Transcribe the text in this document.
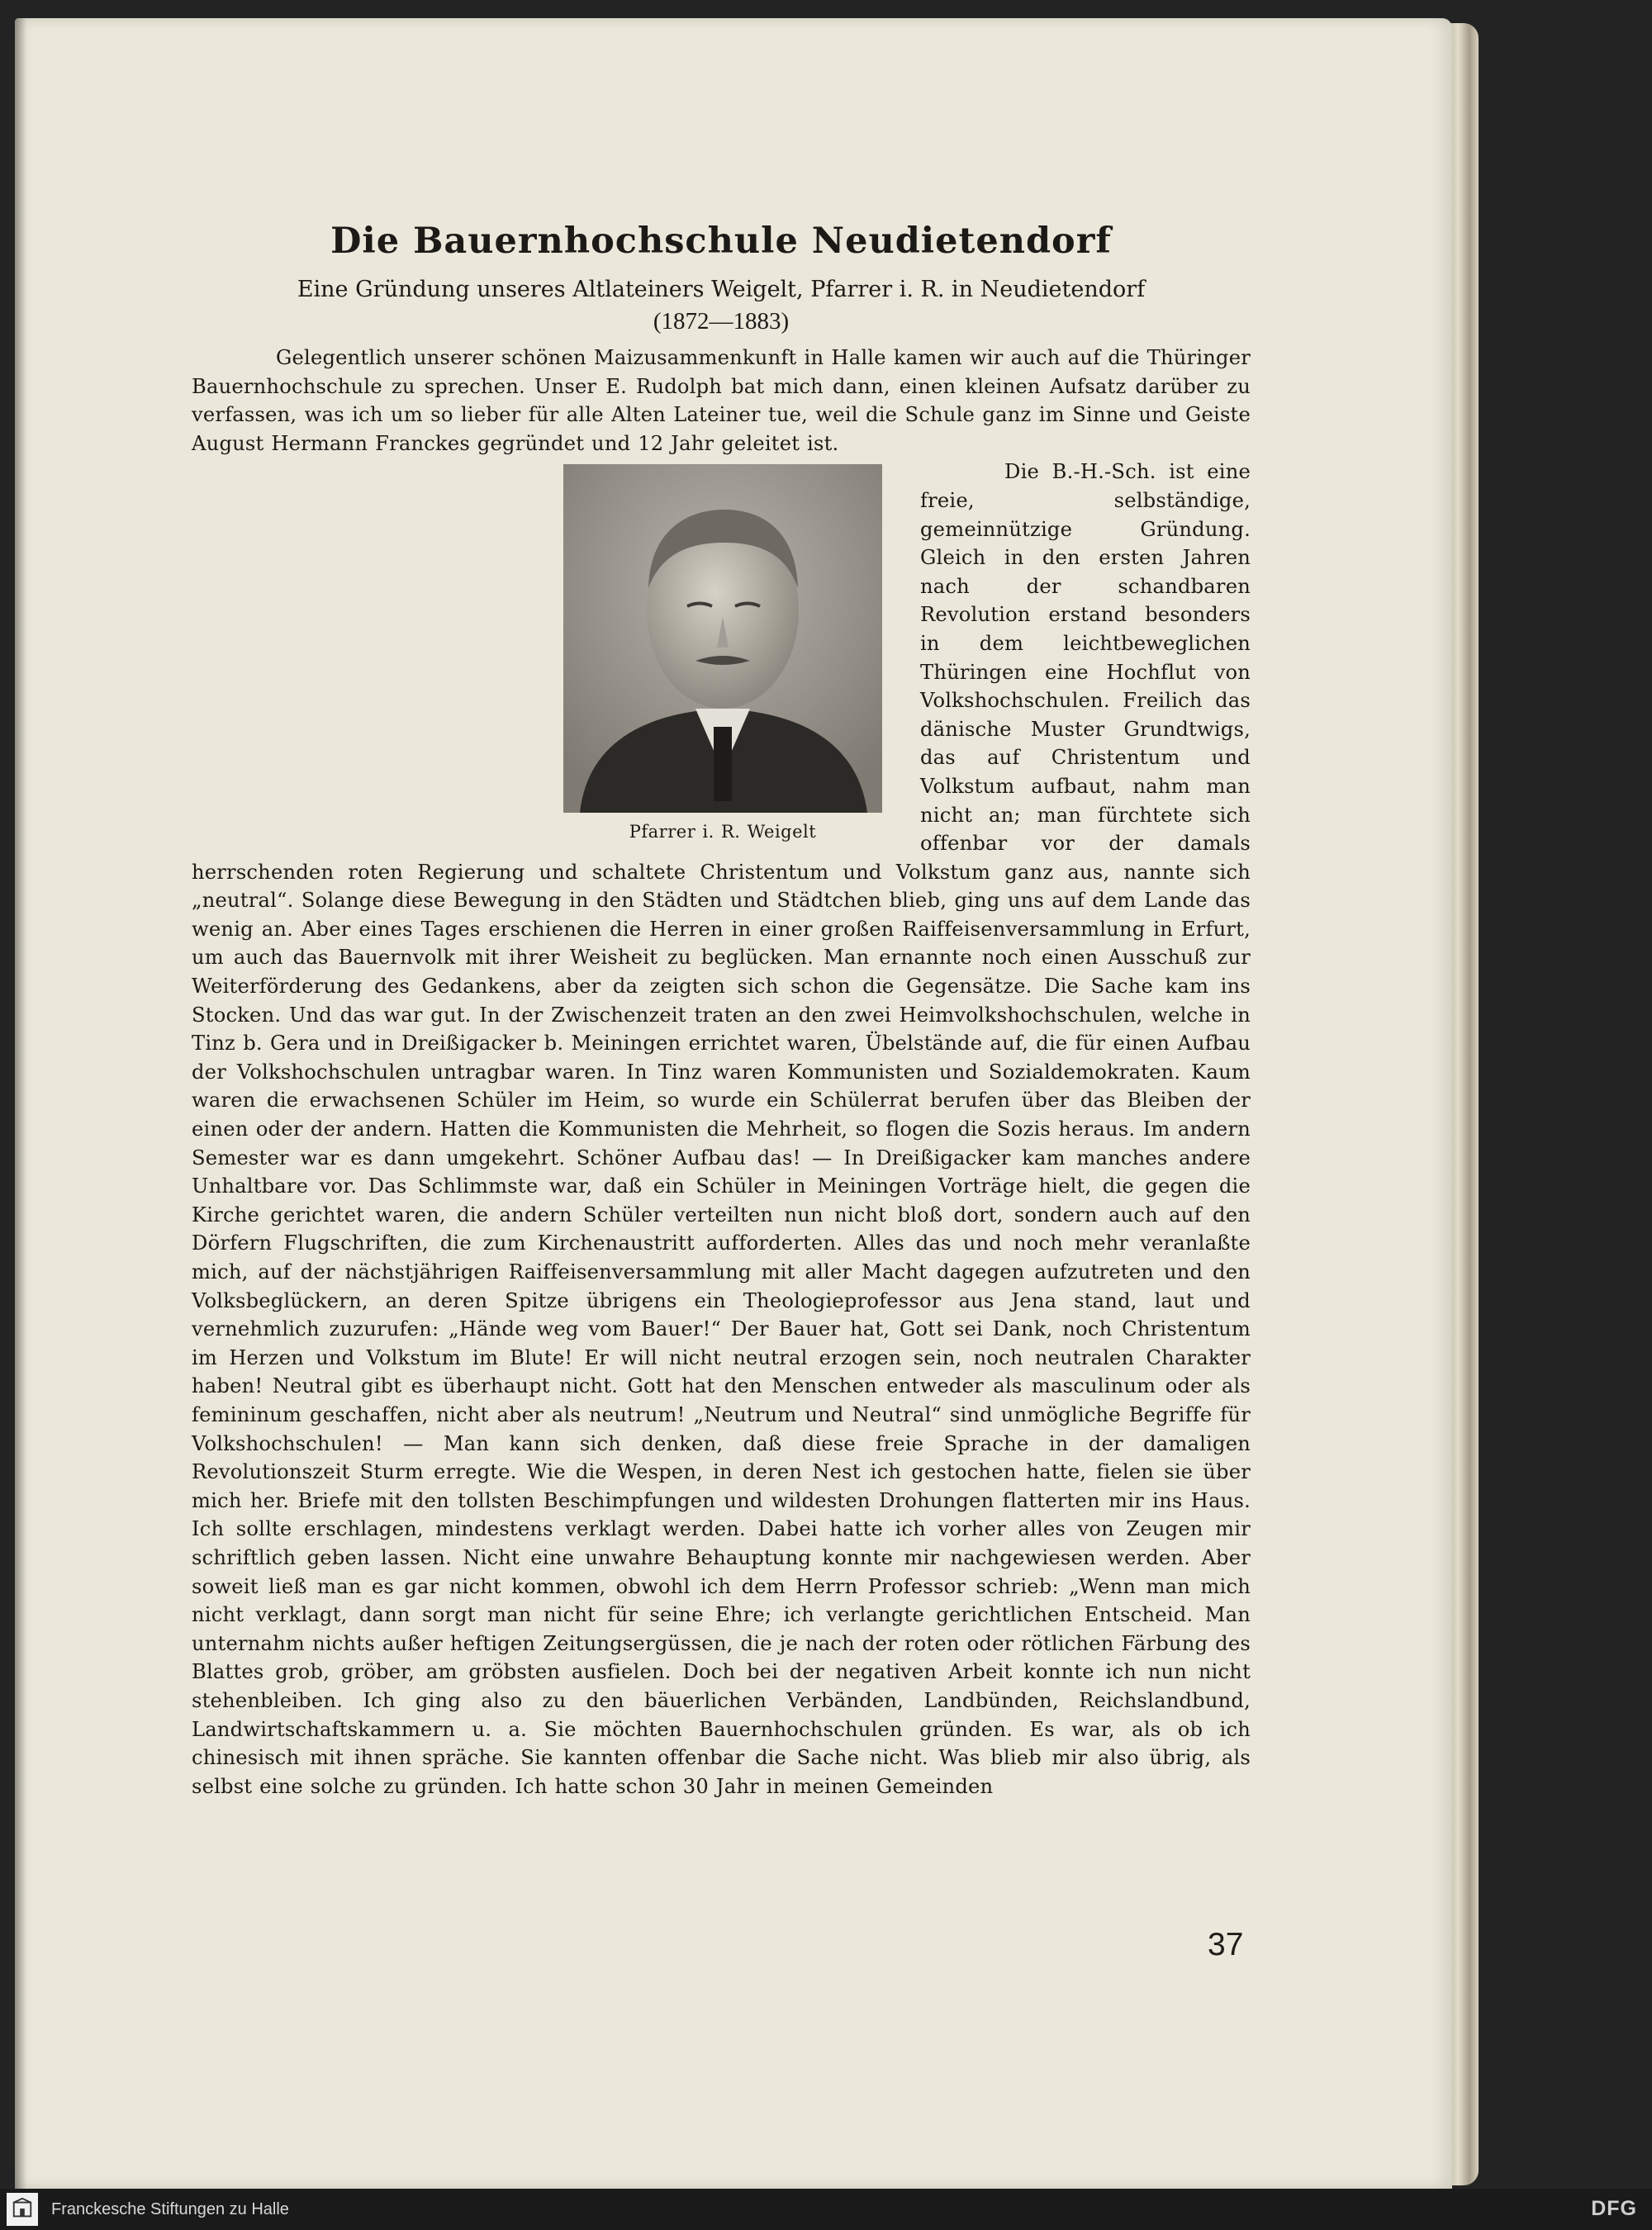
Die Bauernhochschule Neudietendorf
Eine Gründung unseres Altlateiners Weigelt, Pfarrer i. R. in Neudietendorf
(1872—1883)

Gelegentlich unserer schönen Maizusammenkunft in Halle kamen wir auch auf die Thüringer Bauernhochschule zu sprechen. Unser E. Rudolph bat mich dann, einen kleinen Aufsatz darüber zu verfassen, was ich um so lieber für alle Alten Lateiner tue, weil die Schule ganz im Sinne und Geiste August Hermann Franckes gegründet und 12 Jahr geleitet ist.

Pfarrer i. R. Weigelt

Die B.-H.-Sch. ist eine freie, selbständige, gemeinnützige Gründung. Gleich in den ersten Jahren nach der schandbaren Revolution erstand besonders in dem leichtbeweglichen Thüringen eine Hochflut von Volkshochschulen. Freilich das dänische Muster Grundtwigs, das auf Christentum und Volkstum aufbaut, nahm man nicht an; man fürchtete sich offenbar vor der damals herrschenden roten Regierung und schaltete Christentum und Volkstum ganz aus, nannte sich „neutral“. Solange diese Bewegung in den Städten und Städtchen blieb, ging uns auf dem Lande das wenig an. Aber eines Tages erschienen die Herren in einer großen Raiffeisenversammlung in Erfurt, um auch das Bauernvolk mit ihrer Weisheit zu beglücken. Man ernannte noch einen Ausschuß zur Weiterförderung des Gedankens, aber da zeigten sich schon die Gegensätze. Die Sache kam ins Stocken. Und das war gut. In der Zwischenzeit traten an den zwei Heimvolkshochschulen, welche in Tinz b. Gera und in Dreißigacker b. Meiningen errichtet waren, Übelstände auf, die für einen Aufbau der Volkshochschulen untragbar waren. In Tinz waren Kommunisten und Sozialdemokraten. Kaum waren die erwachsenen Schüler im Heim, so wurde ein Schülerrat berufen über das Bleiben der einen oder der andern. Hatten die Kommunisten die Mehrheit, so flogen die Sozis heraus. Im andern Semester war es dann umgekehrt. Schöner Aufbau das! — In Dreißigacker kam manches andere Unhaltbare vor. Das Schlimmste war, daß ein Schüler in Meiningen Vorträge hielt, die gegen die Kirche gerichtet waren, die andern Schüler verteilten nun nicht bloß dort, sondern auch auf den Dörfern Flugschriften, die zum Kirchenaustritt aufforderten. Alles das und noch mehr veranlaßte mich, auf der nächstjährigen Raiffeisenversammlung mit aller Macht dagegen aufzutreten und den Volksbeglückern, an deren Spitze übrigens ein Theologieprofessor aus Jena stand, laut und vernehmlich zuzurufen: „Hände weg vom Bauer!“ Der Bauer hat, Gott sei Dank, noch Christentum im Herzen und Volkstum im Blute! Er will nicht neutral erzogen sein, noch neutralen Charakter haben! Neutral gibt es überhaupt nicht. Gott hat den Menschen entweder als masculinum oder als femininum geschaffen, nicht aber als neutrum! „Neutrum und Neutral“ sind unmögliche Begriffe für Volkshochschulen! — Man kann sich denken, daß diese freie Sprache in der damaligen Revolutionszeit Sturm erregte. Wie die Wespen, in deren Nest ich gestochen hatte, fielen sie über mich her. Briefe mit den tollsten Beschimpfungen und wildesten Drohungen flatterten mir ins Haus. Ich sollte erschlagen, mindestens verklagt werden. Dabei hatte ich vorher alles von Zeugen mir schriftlich geben lassen. Nicht eine unwahre Behauptung konnte mir nachgewiesen werden. Aber soweit ließ man es gar nicht kommen, obwohl ich dem Herrn Professor schrieb: „Wenn man mich nicht verklagt, dann sorgt man nicht für seine Ehre; ich verlangte gerichtlichen Entscheid. Man unternahm nichts außer heftigen Zeitungsergüssen, die je nach der roten oder rötlichen Färbung des Blattes grob, gröber, am gröbsten ausfielen. Doch bei der negativen Arbeit konnte ich nun nicht stehenbleiben. Ich ging also zu den bäuerlichen Verbänden, Landbünden, Reichslandbund, Landwirtschaftskammern u. a. Sie möchten Bauernhochschulen gründen. Es war, als ob ich chinesisch mit ihnen spräche. Sie kannten offenbar die Sache nicht. Was blieb mir also übrig, als selbst eine solche zu gründen. Ich hatte schon 30 Jahr in meinen Gemeinden

37
Franckesche Stiftungen zu Halle	DFG
